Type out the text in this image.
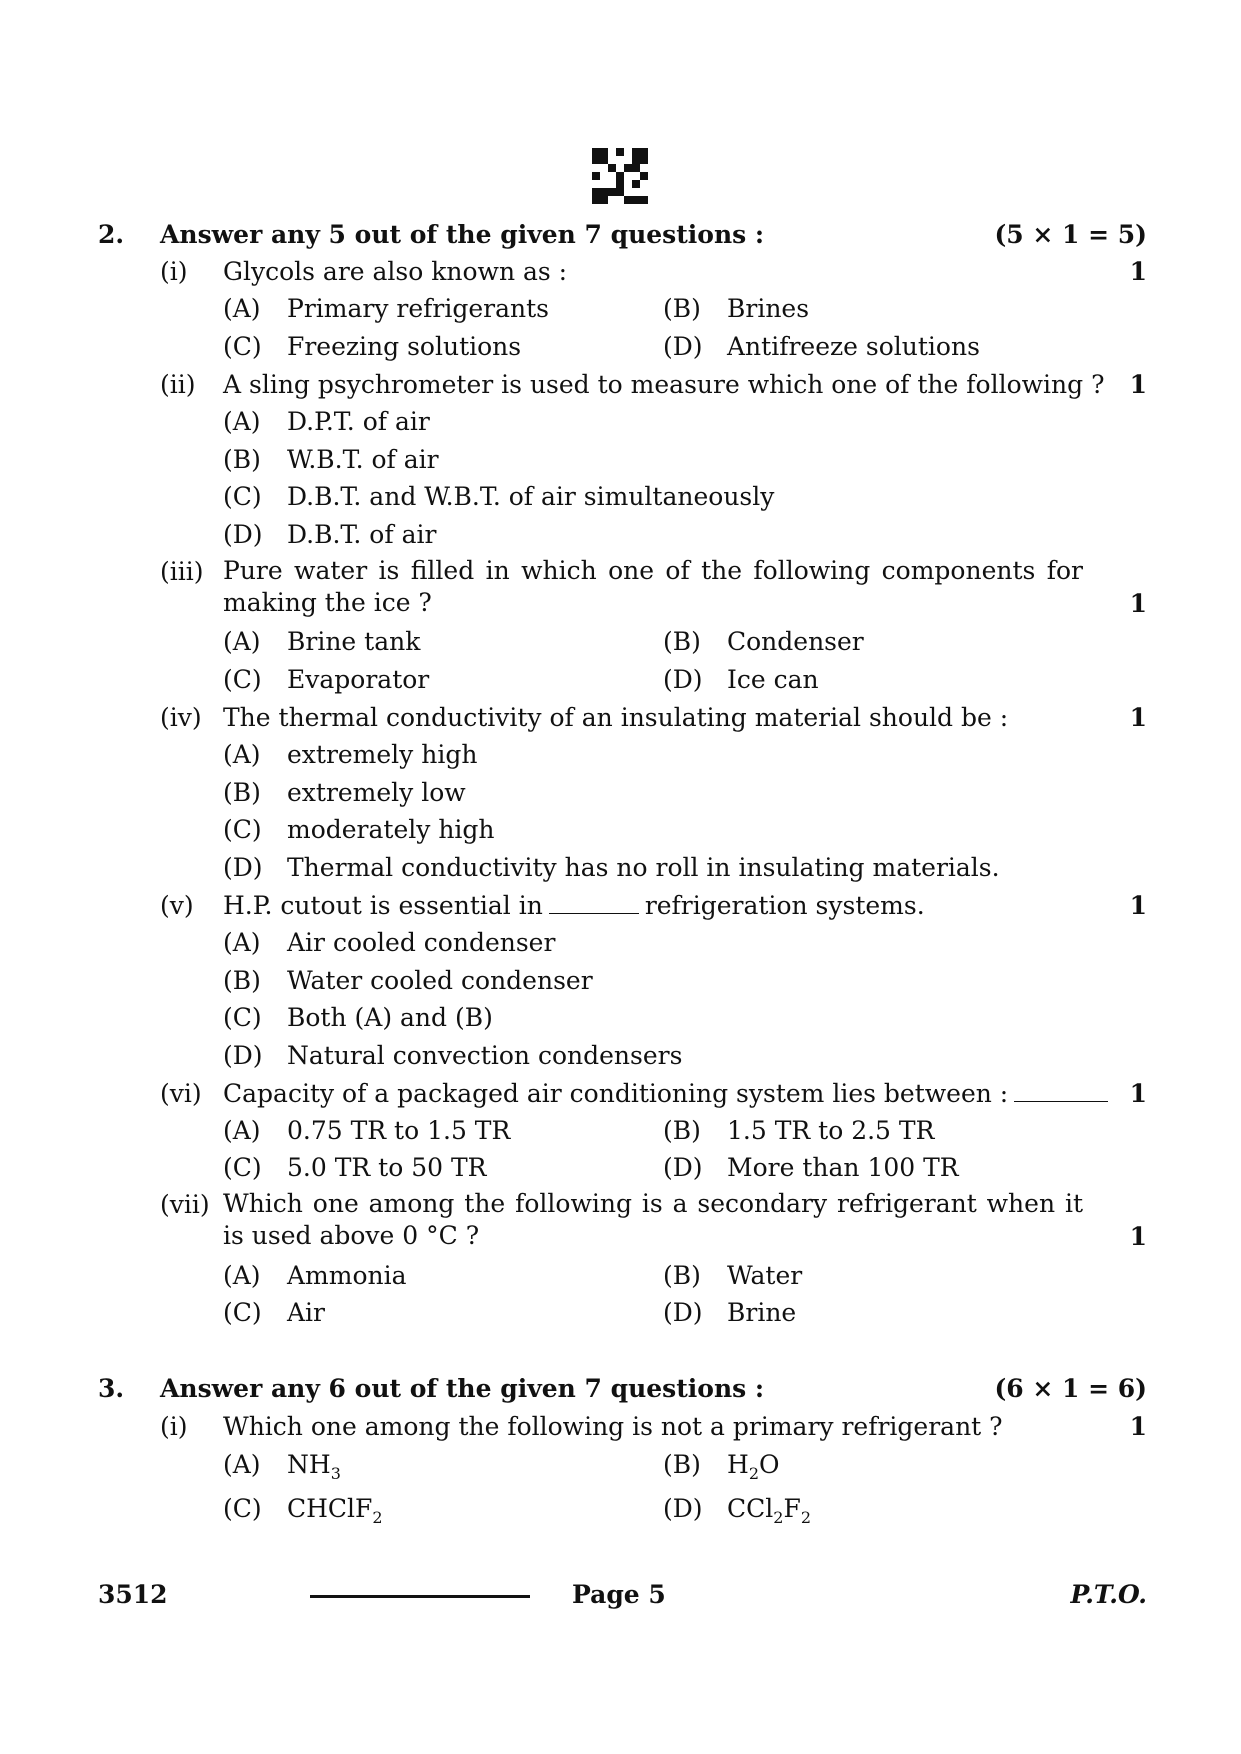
2. Answer any 5 out of the given 7 questions :	(5 × 1 = 5)
(i) Glycols are also known as :	1
(A) Primary refrigerants	(B) Brines
(C) Freezing solutions	(D) Antifreeze solutions
(ii) A sling psychrometer is used to measure which one of the following ? 1
(A) D.P.T. of air
(B) W.B.T. of air
(C) D.B.T. and W.B.T. of air simultaneously
(D) D.B.T. of air
(iii) Pure water is filled in which one of the following components for making the ice ?	1
(A) Brine tank	(B) Condenser
(C) Evaporator	(D) Ice can
(iv) The thermal conductivity of an insulating material should be :	1
(A) extremely high
(B) extremely low
(C) moderately high
(D) Thermal conductivity has no roll in insulating materials.
(v) H.P. cutout is essential in	refrigeration systems.	1
(A) Air cooled condenser
(B) Water cooled condenser
(C) Both (A) and (B)
(D) Natural convection condensers
(vi) Capacity of a packaged air conditioning system lies between :	1
(A) 0.75 TR to 1.5 TR	(B) 1.5 TR to 2.5 TR
(C) 5.0 TR to 50 TR	(D) More than 100 TR
(vii) Which one among the following is a secondary refrigerant when it is used above 0 °C ?	1
(A) Ammonia	(B) Water
(C) Air	(D) Brine
3. Answer any 6 out of the given 7 questions :	(6 × 1 = 6)
(i) Which one among the following is not a primary refrigerant ?	1
(A) $NH_3$	(B) $H_2O$
(C) CHClF$_2$	(D) $CCl_2F_2$
3512	Page 5	P.T.O.
